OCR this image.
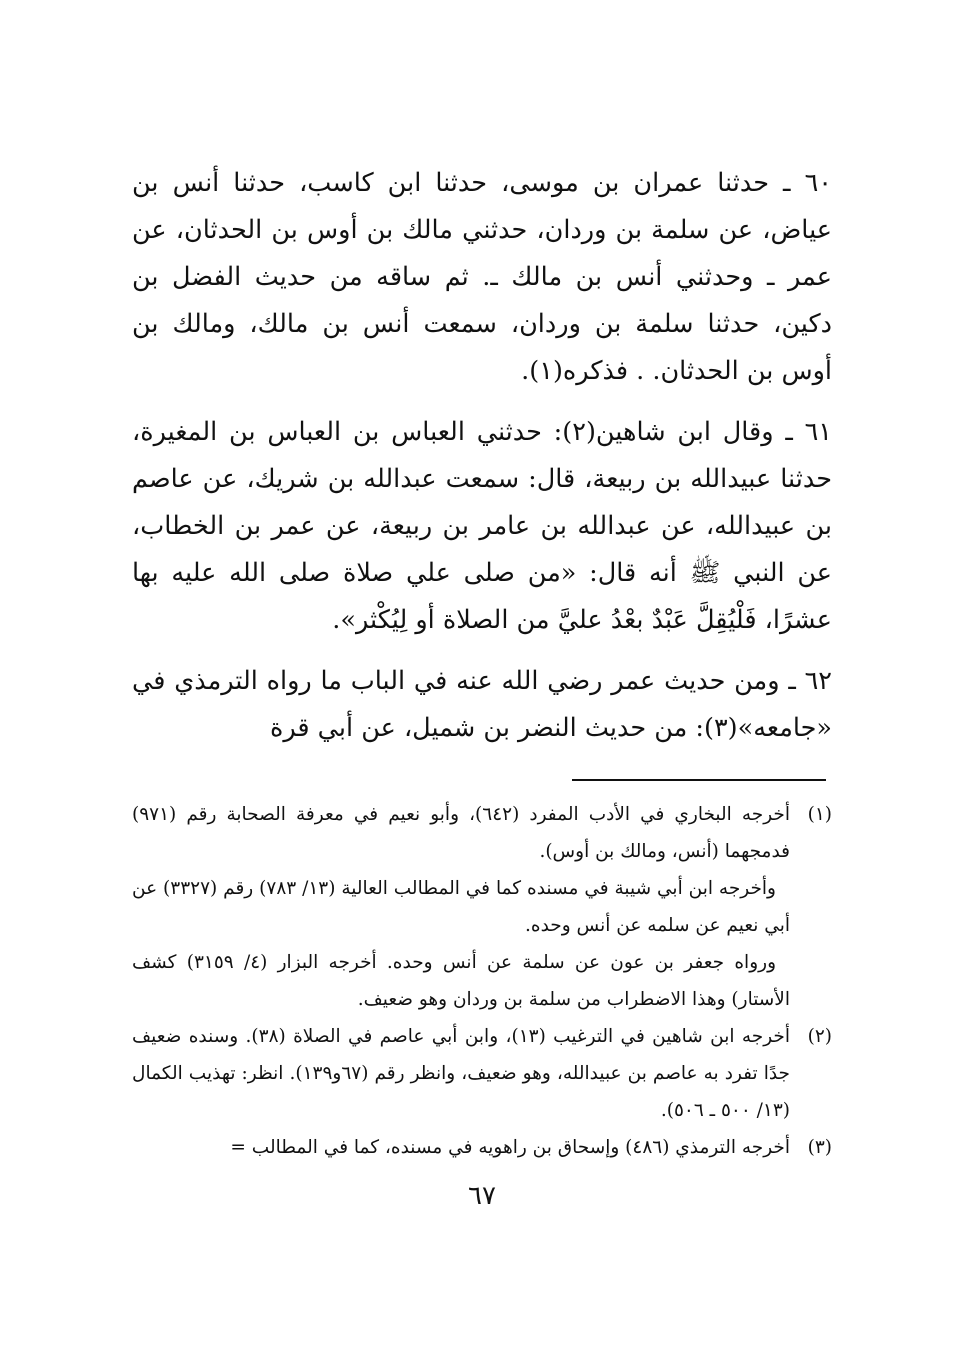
٦٠ ـ حدثنا عمران بن موسى، حدثنا ابن كاسب، حدثنا أنس بن عياض، عن سلمة بن وردان، حدثني مالك بن أوس بن الحدثان، عن عمر ـ وحدثني أنس بن مالك ـ. ثم ساقه من حديث الفضل بن دكين، حدثنا سلمة بن وردان، سمعت أنس بن مالك، ومالك بن أوس بن الحدثان. . فذكره(١).

٦١ ـ وقال ابن شاهين(٢): حدثني العباس بن العباس بن المغيرة، حدثنا عبيدالله بن ربيعة، قال: سمعت عبدالله بن شريك، عن عاصم بن عبيدالله، عن عبدالله بن عامر بن ربيعة، عن عمر بن الخطاب، عن النبي ﷺ أنه قال: «من صلى علي صلاة صلى الله عليه بها عشرًا، فَلْيُقِلَّ عَبْدٌ بعْدُ عليَّ من الصلاة أو لِيُكْثر».

٦٢ ـ ومن حديث عمر رضي الله عنه في الباب ما رواه الترمذي في «جامعه»(٣): من حديث النضر بن شميل، عن أبي قرة

(١)

أخرجه البخاري في الأدب المفرد (٦٤٢)، وأبو نعيم في معرفة الصحابة رقم (٩٧١) فدمجهما (أنس، ومالك بن أوس).

وأخرجه ابن أبي شيبة في مسنده كما في المطالب العالية (١٣/ ٧٨٣) رقم (٣٣٢٧) عن أبي نعيم عن سلمه عن أنس وحده.

ورواه جعفر بن عون عن سلمة عن أنس وحده. أخرجه البزار (٤/ ٣١٥٩) كشف الأستار) وهذا الاضطراب من سلمة بن وردان وهو ضعيف.

(٢)

أخرجه ابن شاهين في الترغيب (١٣)، وابن أبي عاصم في الصلاة (٣٨). وسنده ضعيف جدًا تفرد به عاصم بن عبيدالله، وهو ضعيف، وانظر رقم (٦٧و١٣٩). انظر: تهذيب الكمال (١٣/ ٥٠٠ ـ ٥٠٦).

(٣)

أخرجه الترمذي (٤٨٦) وإسحاق بن راهويه في مسنده، كما في المطالب =

٦٧
